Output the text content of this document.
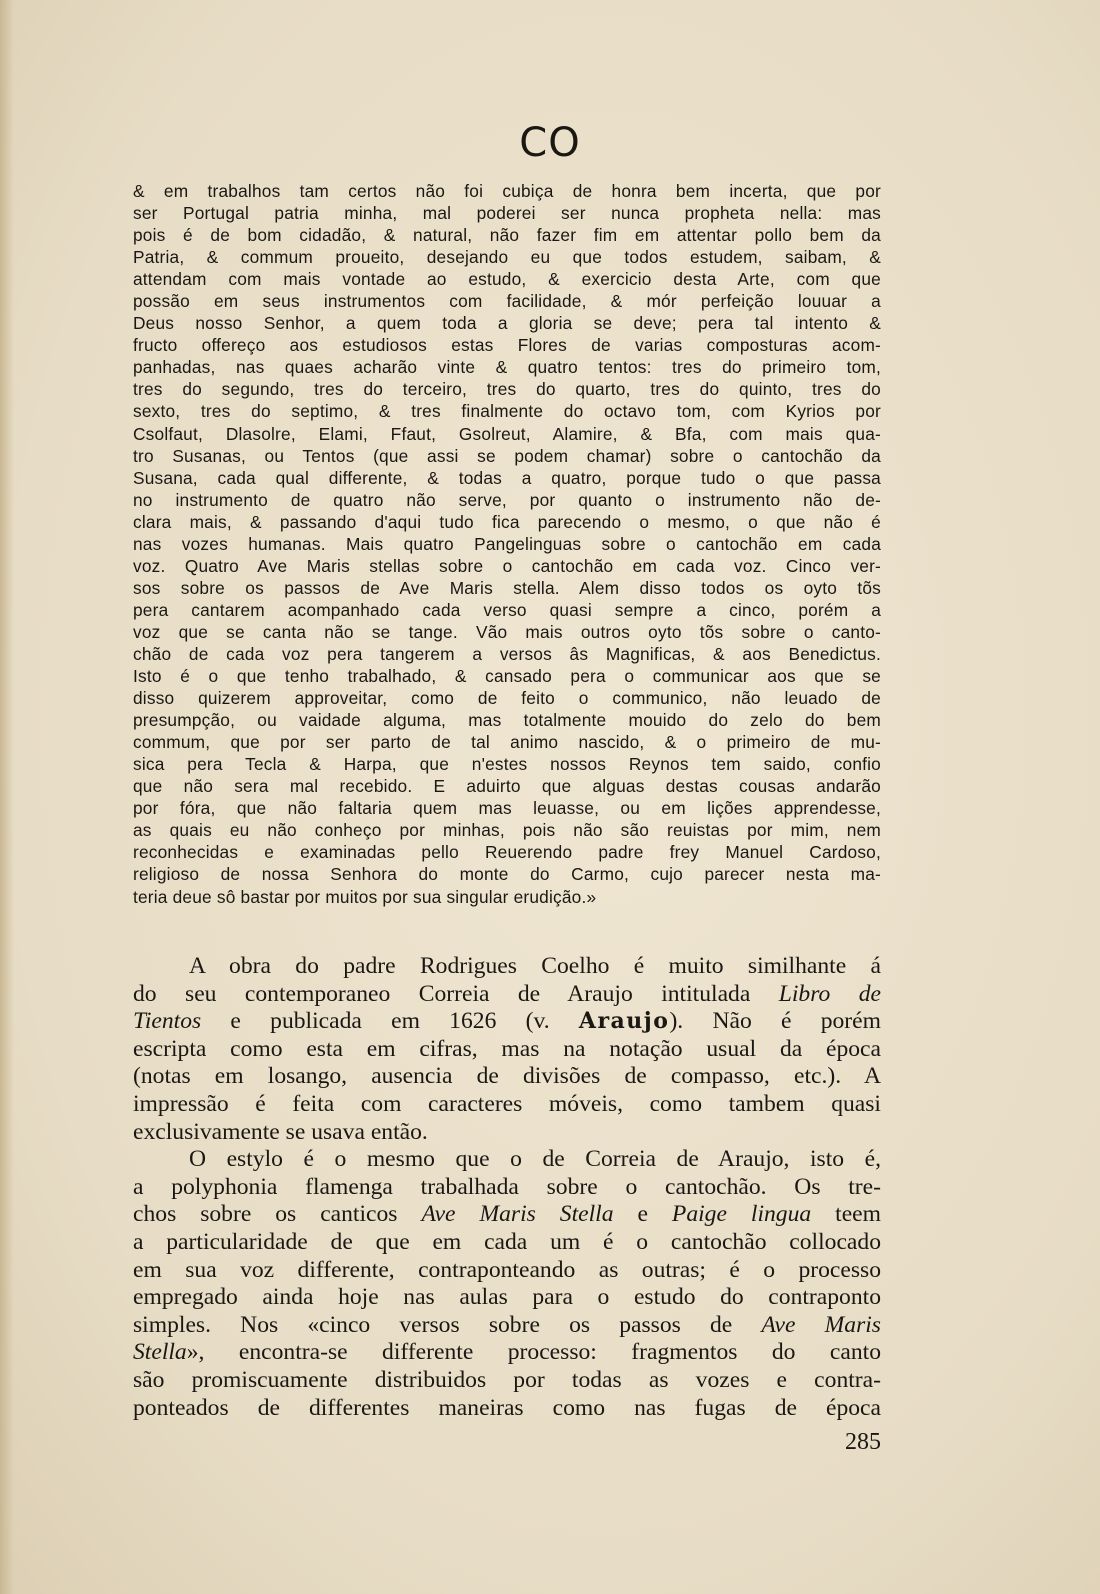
CO
& em trabalhos tam certos não foi cubiça de honra bem incerta, que por
ser Portugal patria minha, mal poderei ser nunca propheta nella: mas
pois é de bom cidadão, & natural, não fazer fim em attentar pollo bem da
Patria, & commum proueito, desejando eu que todos estudem, saibam, &
attendam com mais vontade ao estudo, & exercicio desta Arte, com que
possão em seus instrumentos com facilidade, & mór perfeição louuar a
Deus nosso Senhor, a quem toda a gloria se deve; pera tal intento &
fructo offereço aos estudiosos estas Flores de varias composturas acom-
panhadas, nas quaes acharão vinte & quatro tentos: tres do primeiro tom,
tres do segundo, tres do terceiro, tres do quarto, tres do quinto, tres do
sexto, tres do septimo, & tres finalmente do octavo tom, com Kyrios por
Csolfaut, Dlasolre, Elami, Ffaut, Gsolreut, Alamire, & Bfa, com mais qua-
tro Susanas, ou Tentos (que assi se podem chamar) sobre o cantochão da
Susana, cada qual differente, & todas a quatro, porque tudo o que passa
no instrumento de quatro não serve, por quanto o instrumento não de-
clara mais, & passando d'aqui tudo fica parecendo o mesmo, o que não é
nas vozes humanas. Mais quatro Pangelinguas sobre o cantochão em cada
voz. Quatro Ave Maris stellas sobre o cantochão em cada voz. Cinco ver-
sos sobre os passos de Ave Maris stella. Alem disso todos os oyto tõs
pera cantarem acompanhado cada verso quasi sempre a cinco, porém a
voz que se canta não se tange. Vão mais outros oyto tõs sobre o canto-
chão de cada voz pera tangerem a versos âs Magnificas, & aos Benedictus.
Isto é o que tenho trabalhado, & cansado pera o communicar aos que se
disso quizerem approveitar, como de feito o communico, não leuado de
presumpção, ou vaidade alguma, mas totalmente mouido do zelo do bem
commum, que por ser parto de tal animo nascido, & o primeiro de mu-
sica pera Tecla & Harpa, que n'estes nossos Reynos tem saido, confio
que não sera mal recebido. E aduirto que alguas destas cousas andarão
por fóra, que não faltaria quem mas leuasse, ou em lições apprendesse,
as quais eu não conheço por minhas, pois não são reuistas por mim, nem
reconhecidas e examinadas pello Reuerendo padre frey Manuel Cardoso,
religioso de nossa Senhora do monte do Carmo, cujo parecer nesta ma-
teria deue sô bastar por muitos por sua singular erudição.»
A obra do padre Rodrigues Coelho é muito similhante á
do seu contemporaneo Correia de Araujo intitulada Libro de
Tientos e publicada em 1626 (v. Araujo). Não é porém
escripta como esta em cifras, mas na notação usual da época
(notas em losango, ausencia de divisões de compasso, etc.). A
impressão é feita com caracteres móveis, como tambem quasi
exclusivamente se usava então.
O estylo é o mesmo que o de Correia de Araujo, isto é,
a polyphonia flamenga trabalhada sobre o cantochão. Os tre-
chos sobre os canticos Ave Maris Stella e Paige lingua teem
a particularidade de que em cada um é o cantochão collocado
em sua voz differente, contraponteando as outras; é o processo
empregado ainda hoje nas aulas para o estudo do contraponto
simples. Nos «cinco versos sobre os passos de Ave Maris
Stella», encontra-se differente processo: fragmentos do canto
são promiscuamente distribuidos por todas as vozes e contra-
ponteados de differentes maneiras como nas fugas de época
285
